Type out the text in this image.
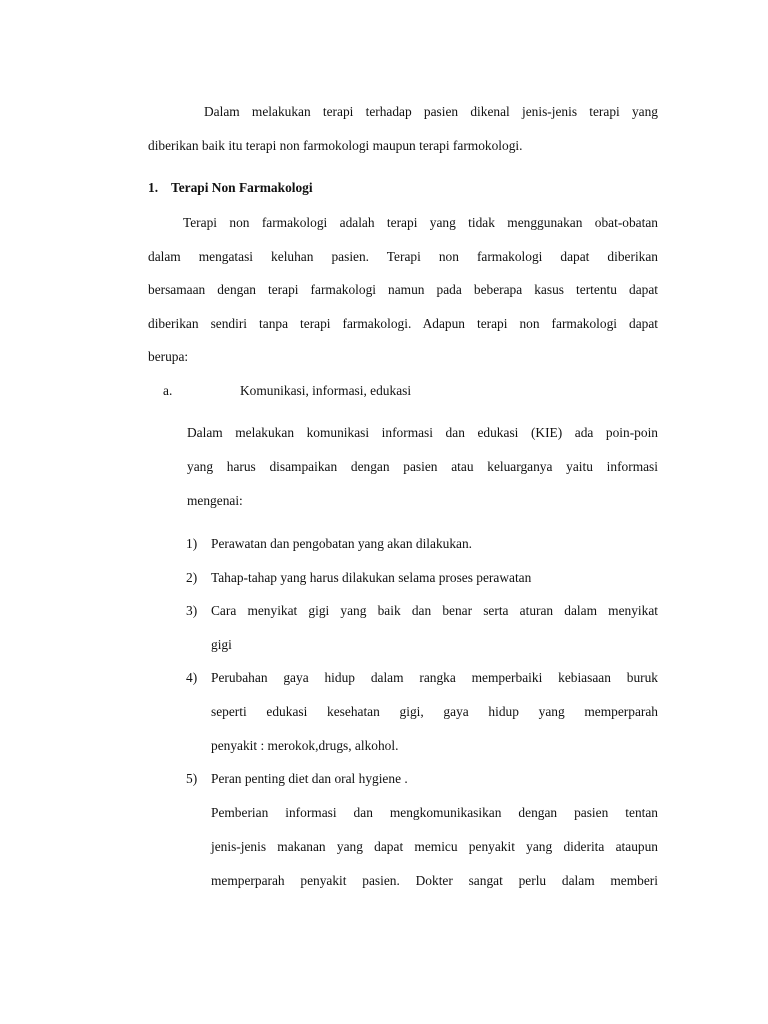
Dalam melakukan terapi terhadap pasien dikenal jenis-jenis terapi yang
diberikan baik itu terapi non farmokologi maupun terapi farmokologi.
1. Terapi Non Farmakologi
Terapi non farmakologi adalah terapi yang tidak menggunakan obat-obatan
dalam mengatasi keluhan pasien. Terapi non farmakologi dapat diberikan
bersamaan dengan terapi farmakologi namun pada beberapa kasus tertentu dapat
diberikan sendiri tanpa terapi farmakologi. Adapun terapi non farmakologi dapat
berupa:
a.	Komunikasi, informasi, edukasi
Dalam melakukan komunikasi informasi dan edukasi (KIE) ada poin-poin
yang harus disampaikan dengan pasien atau keluarganya yaitu informasi
mengenai:
1) Perawatan dan pengobatan yang akan dilakukan.
2) Tahap-tahap yang harus dilakukan selama proses perawatan
3) Cara menyikat gigi yang baik dan benar serta aturan dalam menyikat
gigi
4) Perubahan gaya hidup dalam rangka memperbaiki kebiasaan buruk
seperti edukasi kesehatan gigi, gaya hidup yang memperparah
penyakit : merokok,drugs, alkohol.
5) Peran penting diet dan oral hygiene .
Pemberian informasi dan mengkomunikasikan dengan pasien tentan
jenis-jenis makanan yang dapat memicu penyakit yang diderita ataupun
memperparah penyakit pasien. Dokter sangat perlu dalam memberi
